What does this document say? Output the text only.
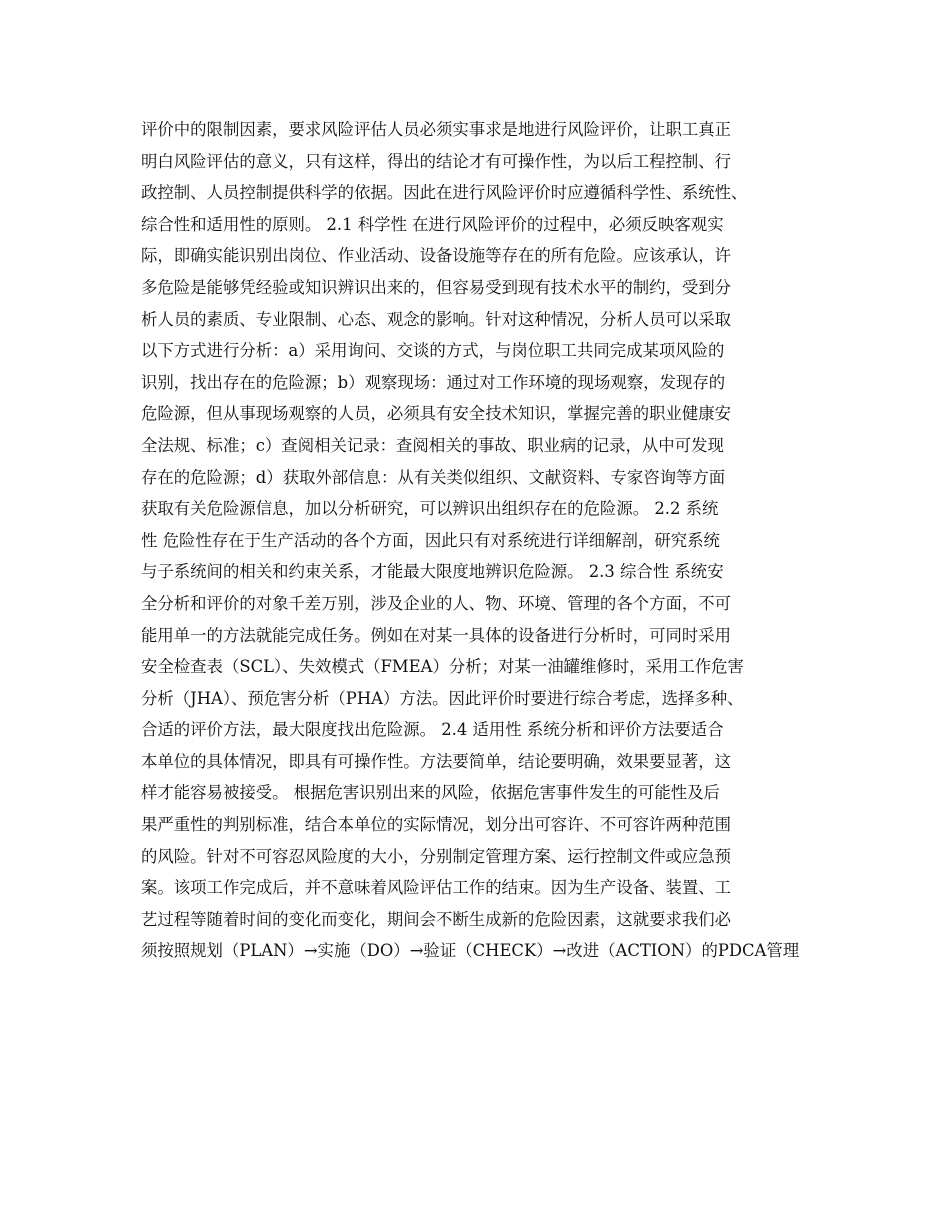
评价中的限制因素，要求风险评估人员必须实事求是地进行风险评价，让职工真正
明白风险评估的意义，只有这样，得出的结论才有可操作性，为以后工程控制、行
政控制、人员控制提供科学的依据。因此在进行风险评价时应遵循科学性、系统性、
综合性和适用性的原则。 2.1 科学性 在进行风险评价的过程中，必须反映客观实
际，即确实能识别出岗位、作业活动、设备设施等存在的所有危险。应该承认，许
多危险是能够凭经验或知识辨识出来的，但容易受到现有技术水平的制约，受到分
析人员的素质、专业限制、心态、观念的影响。针对这种情况，分析人员可以采取
以下方式进行分析：a）采用询问、交谈的方式，与岗位职工共同完成某项风险的
识别，找出存在的危险源；b）观察现场：通过对工作环境的现场观察，发现存的
危险源，但从事现场观察的人员，必须具有安全技术知识，掌握完善的职业健康安
全法规、标准；c）查阅相关记录：查阅相关的事故、职业病的记录，从中可发现
存在的危险源；d）获取外部信息：从有关类似组织、文献资料、专家咨询等方面
获取有关危险源信息，加以分析研究，可以辨识出组织存在的危险源。 2.2 系统
性 危险性存在于生产活动的各个方面，因此只有对系统进行详细解剖，研究系统
与子系统间的相关和约束关系，才能最大限度地辨识危险源。 2.3 综合性 系统安
全分析和评价的对象千差万别，涉及企业的人、物、环境、管理的各个方面，不可
能用单一的方法就能完成任务。例如在对某一具体的设备进行分析时，可同时采用
安全检查表（SCL）、失效模式（FMEA）分析；对某一油罐维修时，采用工作危害
分析（JHA）、预危害分析（PHA）方法。因此评价时要进行综合考虑，选择多种、
合适的评价方法，最大限度找出危险源。 2.4 适用性 系统分析和评价方法要适合
本单位的具体情况，即具有可操作性。方法要简单，结论要明确，效果要显著，这
样才能容易被接受。 根据危害识别出来的风险，依据危害事件发生的可能性及后
果严重性的判别标准，结合本单位的实际情况，划分出可容许、不可容许两种范围
的风险。针对不可容忍风险度的大小，分别制定管理方案、运行控制文件或应急预
案。该项工作完成后，并不意味着风险评估工作的结束。因为生产设备、装置、工
艺过程等随着时间的变化而变化，期间会不断生成新的危险因素，这就要求我们必
须按照规划（PLAN）→实施（DO）→验证（CHECK）→改进（ACTION）的PDCA管理
